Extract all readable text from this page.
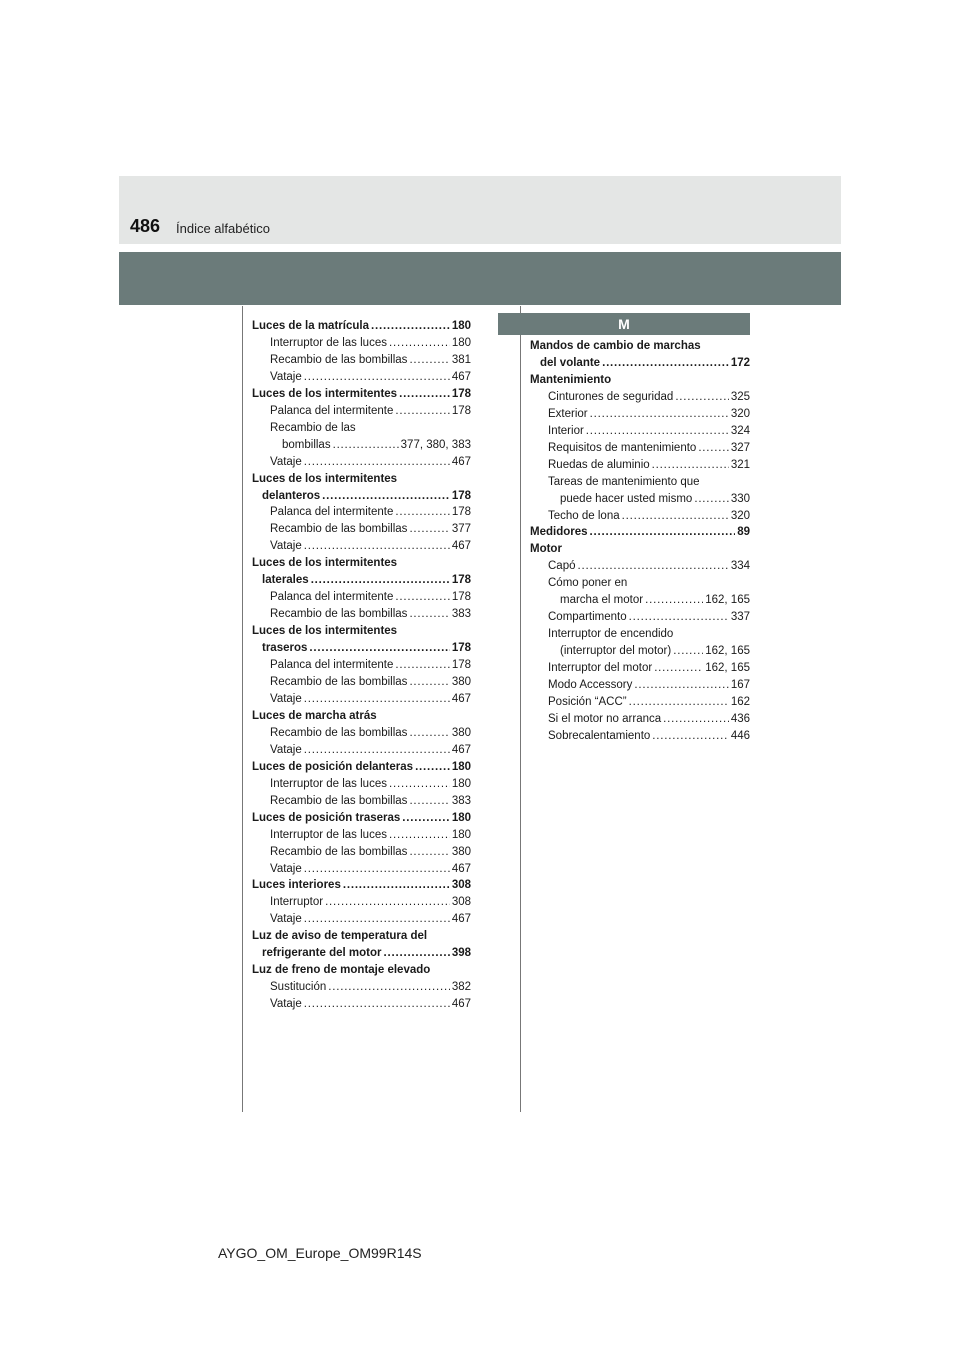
486 Índice alfabético
Luces de la matrícula . . .	180
Interruptor de las luces . . .	180
Recambio de las bombillas . . .	381
Vataje . . .	467
Luces de los intermitentes . . .	178
Palanca del intermitente . . .	178
Recambio de las
bombillas . . .	377, 380, 383
Vataje . . .	467
Luces de los intermitentes
delanteros . . .	178
Palanca del intermitente . . .	178
Recambio de las bombillas . . .	377
Vataje . . .	467
Luces de los intermitentes
laterales . . .	178
Palanca del intermitente . . .	178
Recambio de las bombillas . . .	383
Luces de los intermitentes
traseros . . .	178
Palanca del intermitente . . .	178
Recambio de las bombillas . . .	380
Vataje . . .	467
Luces de marcha atrás
Recambio de las bombillas . . .	380
Vataje . . .	467
Luces de posición delanteras . . .	180
Interruptor de las luces . . .	180
Recambio de las bombillas . . .	383
Luces de posición traseras . . .	180
Interruptor de las luces . . .	180
Recambio de las bombillas . . .	380
Vataje . . .	467
Luces interiores . . .	308
Interruptor . . .	308
Vataje . . .	467
Luz de aviso de temperatura del
refrigerante del motor . . .	398
Luz de freno de montaje elevado
Sustitución . . .	382
Vataje . . .	467
M
Mandos de cambio de marchas
del volante . . .	172
Mantenimiento
Cinturones de seguridad . . .	325
Exterior . . .	320
Interior . . .	324
Requisitos de mantenimiento . . .	327
Ruedas de aluminio . . .	321
Tareas de mantenimiento que
puede hacer usted mismo . . .	330
Techo de lona . . .	320
Medidores . . .	89
Motor
Capó . . .	334
Cómo poner en
marcha el motor . . .	162, 165
Compartimento . . .	337
Interruptor de encendido
(interruptor del motor) . . .	162, 165
Interruptor del motor . . .	162, 165
Modo Accessory . . .	167
Posición “ACC” . . .	162
Si el motor no arranca . . .	436
Sobrecalentamiento . . .	446
AYGO_OM_Europe_OM99R14S
